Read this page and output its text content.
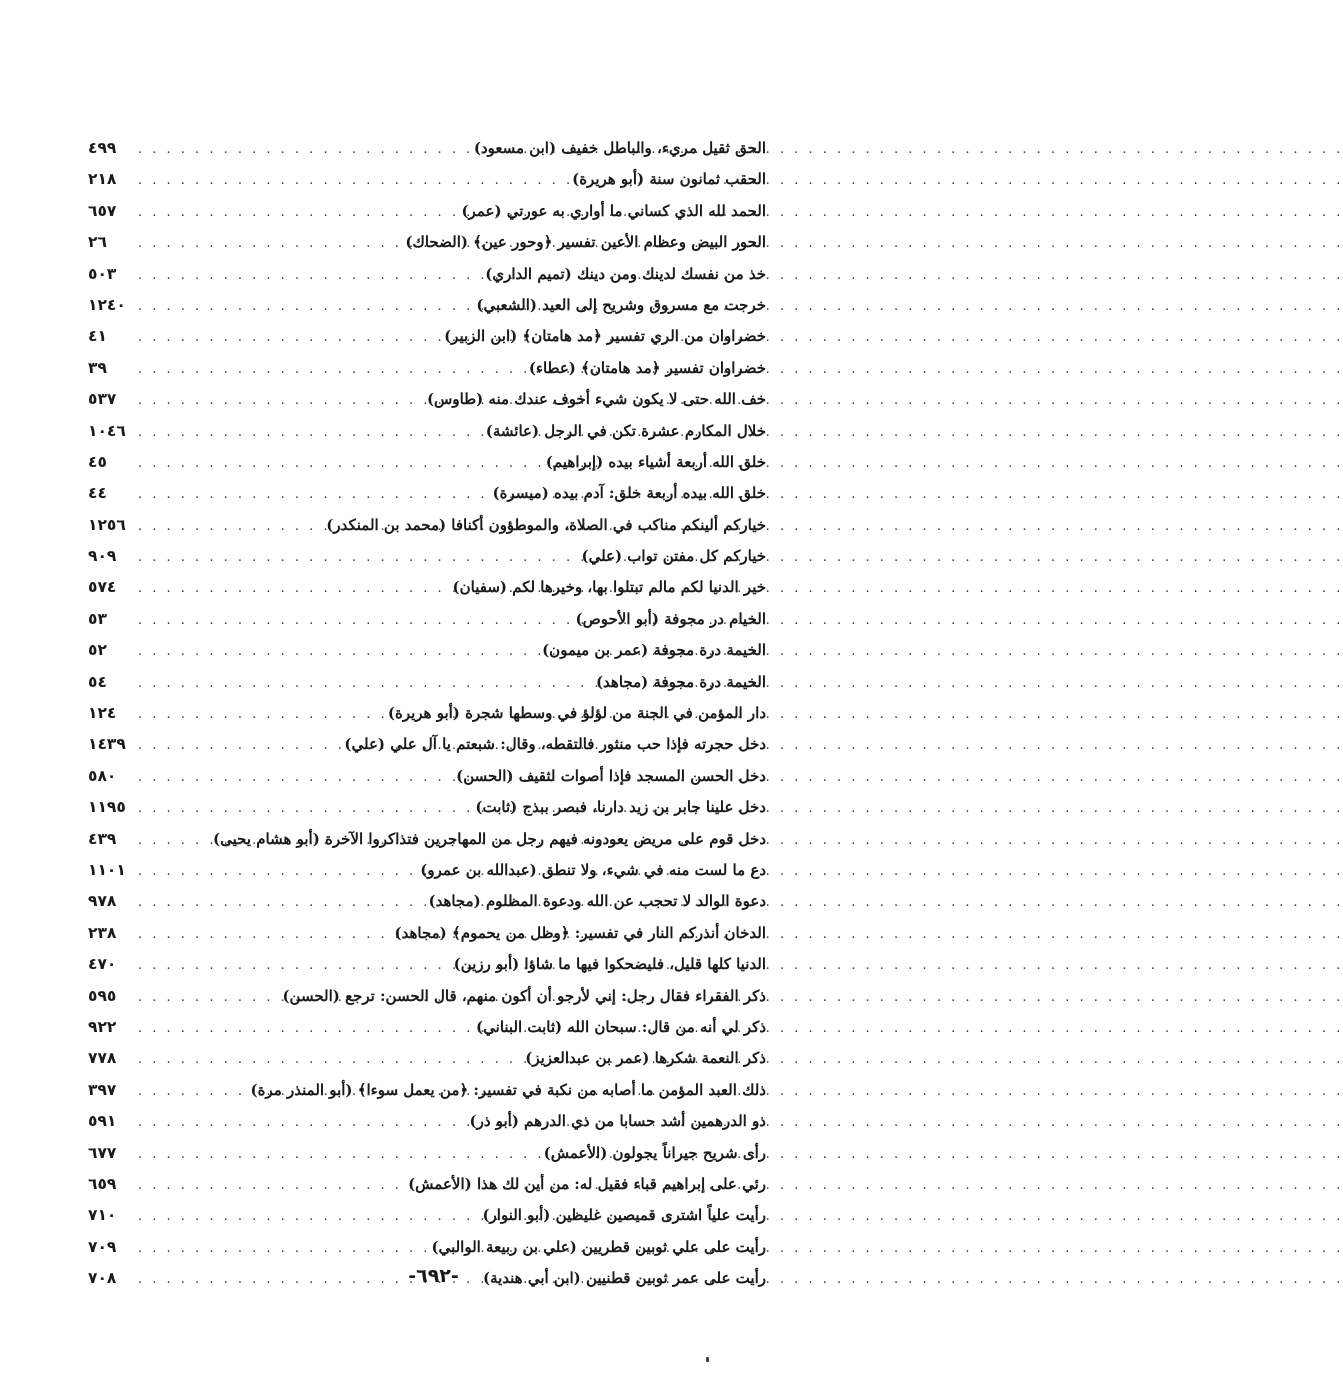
الحق ثقيل مريء، والباطل خفيف (ابن مسعود)
. . .
٤٩٩
الحقب ثمانون سنة (أبو هريرة)
. . .
٢١٨
الحمد لله الذي كساني ما أواري به عورتي (عمر)
. . .
٦٥٧
الحور البيض وعظام الأعين تفسير ﴿وحور عين﴾ (الضحاك)
. . .
٢٦
خذ من نفسك لدينك ومن دينك (تميم الداري)
. . .
٥٠٣
خرجت مع مسروق وشريح إلى العيد (الشعبي)
. . .
١٢٤٠
خضراوان من الري تفسير ﴿مد هامتان﴾ (ابن الزبير)
. . .
٤١
خضراوان تفسير ﴿مد هامتان﴾ (عطاء)
. . .
٣٩
خف الله حتى لا يكون شيء أخوف عندك منه (طاوس)
. . .
٥٣٧
خلال المكارم عشرة تكن في الرجل (عائشة)
. . .
١٠٤٦
خلق الله أربعة أشياء بيده (إبراهيم)
. . .
٤٥
خلق الله بيده أربعة خلق: آدم بيده (ميسرة)
. . .
٤٤
خياركم ألينكم مناكب في الصلاة، والموطؤون أكنافا (محمد بن المنكدر)
. . .
١٢٥٦
خياركم كل مفتن تواب (علي)
. . .
٩٠٩
خير الدنيا لكم مالم تبتلوا بها، وخيرها لكم (سفيان)
. . .
٥٧٤
الخيام در مجوفة (أبو الأحوص)
. . .
٥٣
الخيمة درة مجوفة (عمر بن ميمون)
. . .
٥٢
الخيمة درة مجوفة (مجاهد)
. . .
٥٤
دار المؤمن في الجنة من لؤلؤ في وسطها شجرة (أبو هريرة)
. . .
١٢٤
دخل حجرته فإذا حب منثور فالتقطه، وقال: شبعتم يا آل علي (علي)
. . .
١٤٣٩
دخل الحسن المسجد فإذا أصوات لثقيف (الحسن)
. . .
٥٨٠
دخل علينا جابر بن زيد دارنا، فبصر ببذج (ثابت)
. . .
١١٩٥
دخل قوم على مريض يعودونه فيهم رجل من المهاجرين فتذاكروا الآخرة (أبو هشام يحيى)
. . .
٤٣٩
دع ما لست منه في شيء، ولا تنطق (عبدالله بن عمرو)
. . .
١١٠١
دعوة الوالد لا تحجب عن الله ودعوة المظلوم (مجاهد)
. . .
٩٧٨
الدخان أنذركم النار في تفسير: ﴿وظل من يحموم﴾ (مجاهد)
. . .
٢٣٨
الدنيا كلها قليل، فليضحكوا فيها ما شاؤا (أبو رزين)
. . .
٤٧٠
ذكر الفقراء فقال رجل: إني لأرجو أن أكون منهم، قال الحسن: ترجع (الحسن)
. . .
٥٩٥
ذكر لي أنه من قال: سبحان الله (ثابت البناني)
. . .
٩٢٢
ذكر النعمة شكرها (عمر بن عبدالعزيز)
. . .
٧٧٨
ذلك العبد المؤمن ما أصابه من نكبة في تفسير: ﴿من يعمل سوءا﴾ (أبو المنذر مرة)
. . .
٣٩٧
ذو الدرهمين أشد حسابا من ذي الدرهم (أبو ذر)
. . .
٥٩١
رأى شريح جيراناً يجولون (الأعمش)
. . .
٦٧٧
رئي على إبراهيم قباء فقيل له: من أين لك هذا (الأعمش)
. . .
٦٥٩
رأيت علياً اشترى قميصين غليظين (أبو النوار)
. . .
٧١٠
رأيت على علي ثوبين قطريين (علي بن ربيعة الوالبي)
. . .
٧٠٩
رأيت على عمر ثوبين قطنيين (ابن أبي هندية)
. . .
٧٠٨	-٦٩٢-
